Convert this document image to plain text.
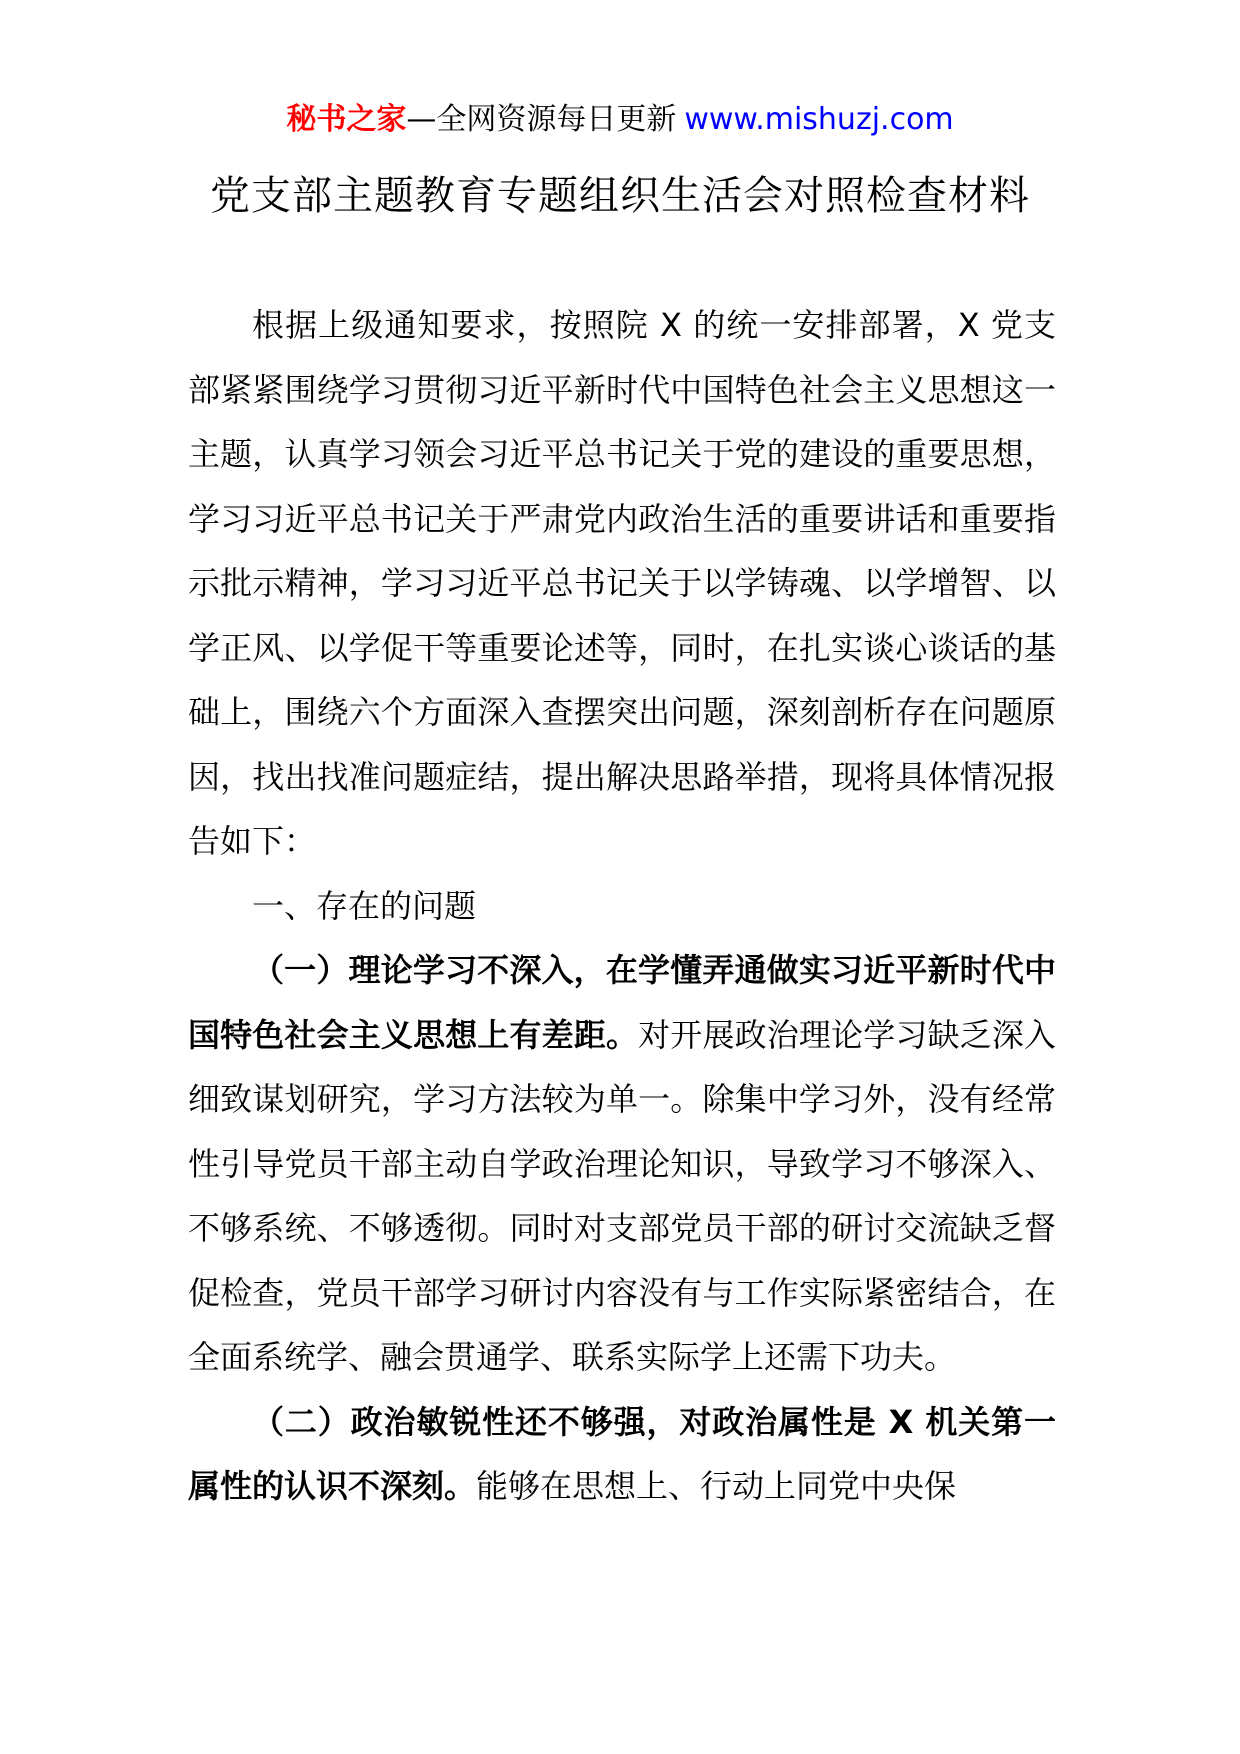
秘书之家—全网资源每日更新 www.mishuzj.com
党支部主题教育专题组织生活会对照检查材料

根据上级通知要求，按照院 X 的统一安排部署，X 党支部紧紧围绕学习贯彻习近平新时代中国特色社会主义思想这一主题，认真学习领会习近平总书记关于党的建设的重要思想，学习习近平总书记关于严肃党内政治生活的重要讲话和重要指示批示精神，学习习近平总书记关于以学铸魂、以学增智、以学正风、以学促干等重要论述等，同时，在扎实谈心谈话的基础上，围绕六个方面深入查摆突出问题，深刻剖析存在问题原因，找出找准问题症结，提出解决思路举措，现将具体情况报告如下：

一、存在的问题

（一）理论学习不深入，在学懂弄通做实习近平新时代中国特色社会主义思想上有差距。对开展政治理论学习缺乏深入细致谋划研究，学习方法较为单一。除集中学习外，没有经常性引导党员干部主动自学政治理论知识，导致学习不够深入、不够系统、不够透彻。同时对支部党员干部的研讨交流缺乏督促检查，党员干部学习研讨内容没有与工作实际紧密结合，在全面系统学、融会贯通学、联系实际学上还需下功夫。

（二）政治敏锐性还不够强，对政治属性是 X 机关第一属性的认识不深刻。能够在思想上、行动上同党中央保
